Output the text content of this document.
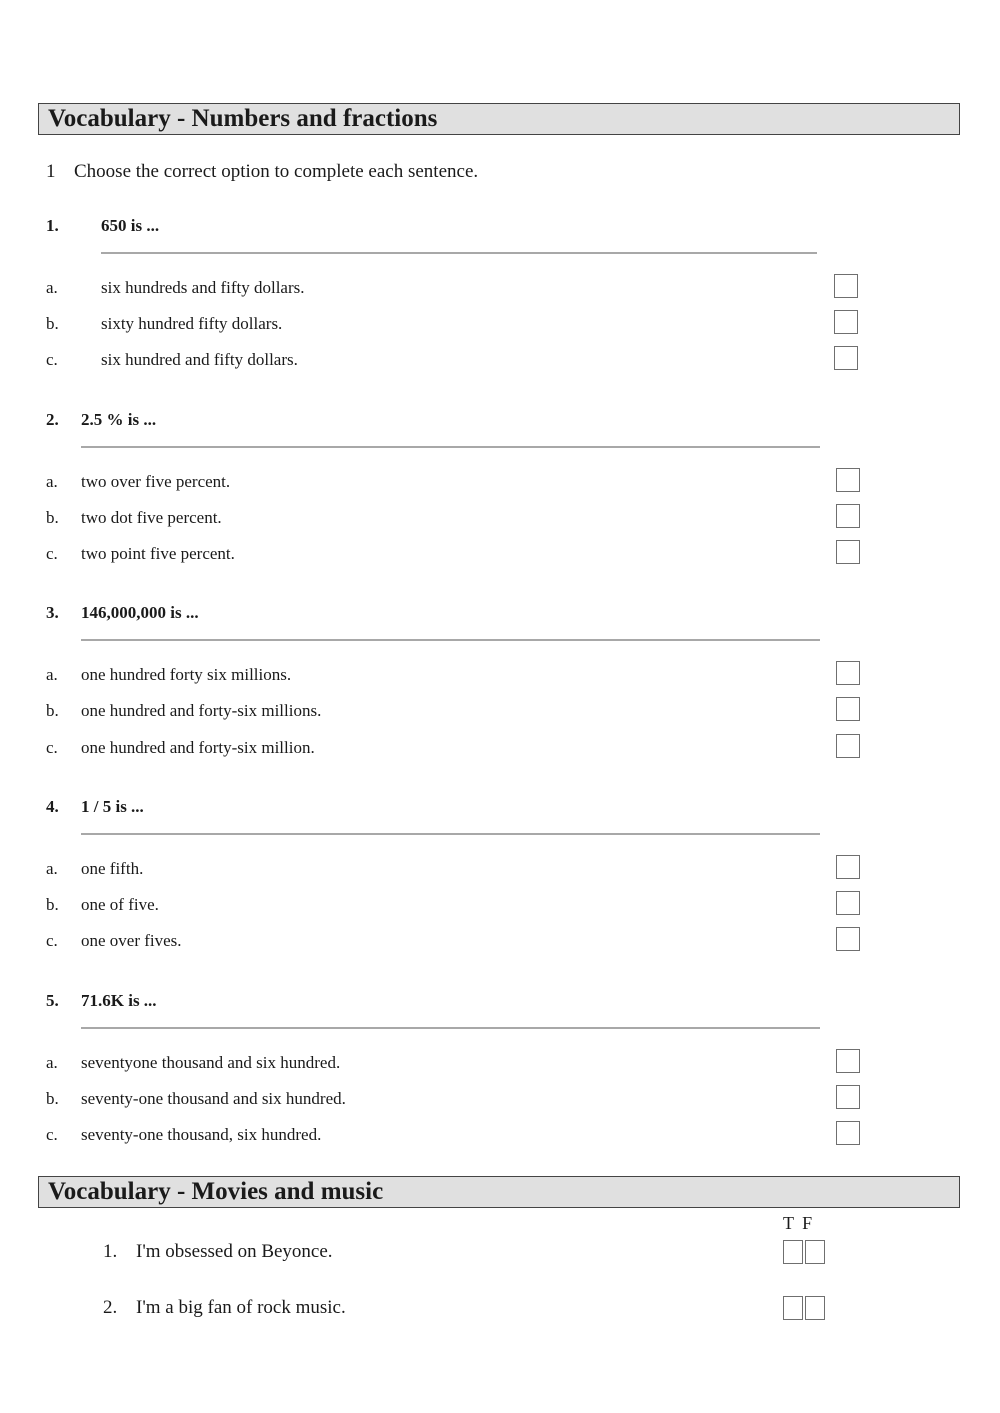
Vocabulary - Numbers and fractions
1 Choose the correct option to complete each sentence.
1. 650 is ...
a.	six hundreds and fifty dollars.
b. sixty hundred fifty dollars.
c.	six hundred and fifty dollars.
2. 2.5 % is ...
a. two over five percent.
b. two dot five percent.
c. two point five percent.
3. 146,000,000 is ...
a. one hundred forty six millions.
b. one hundred and forty-six millions.
c. one hundred and forty-six million.
4. 1 / 5 is ...
a. one fifth.
b. one of five.
c. one over fives.
5. 71.6K is ...
a. seventyone thousand and six hundred.
b. seventy-one thousand and six hundred.
c. seventy-one thousand, six hundred.
Vocabulary - Movies and music
T F
1. I'm obsessed on Beyonce.
2. I'm a big fan of rock music.
